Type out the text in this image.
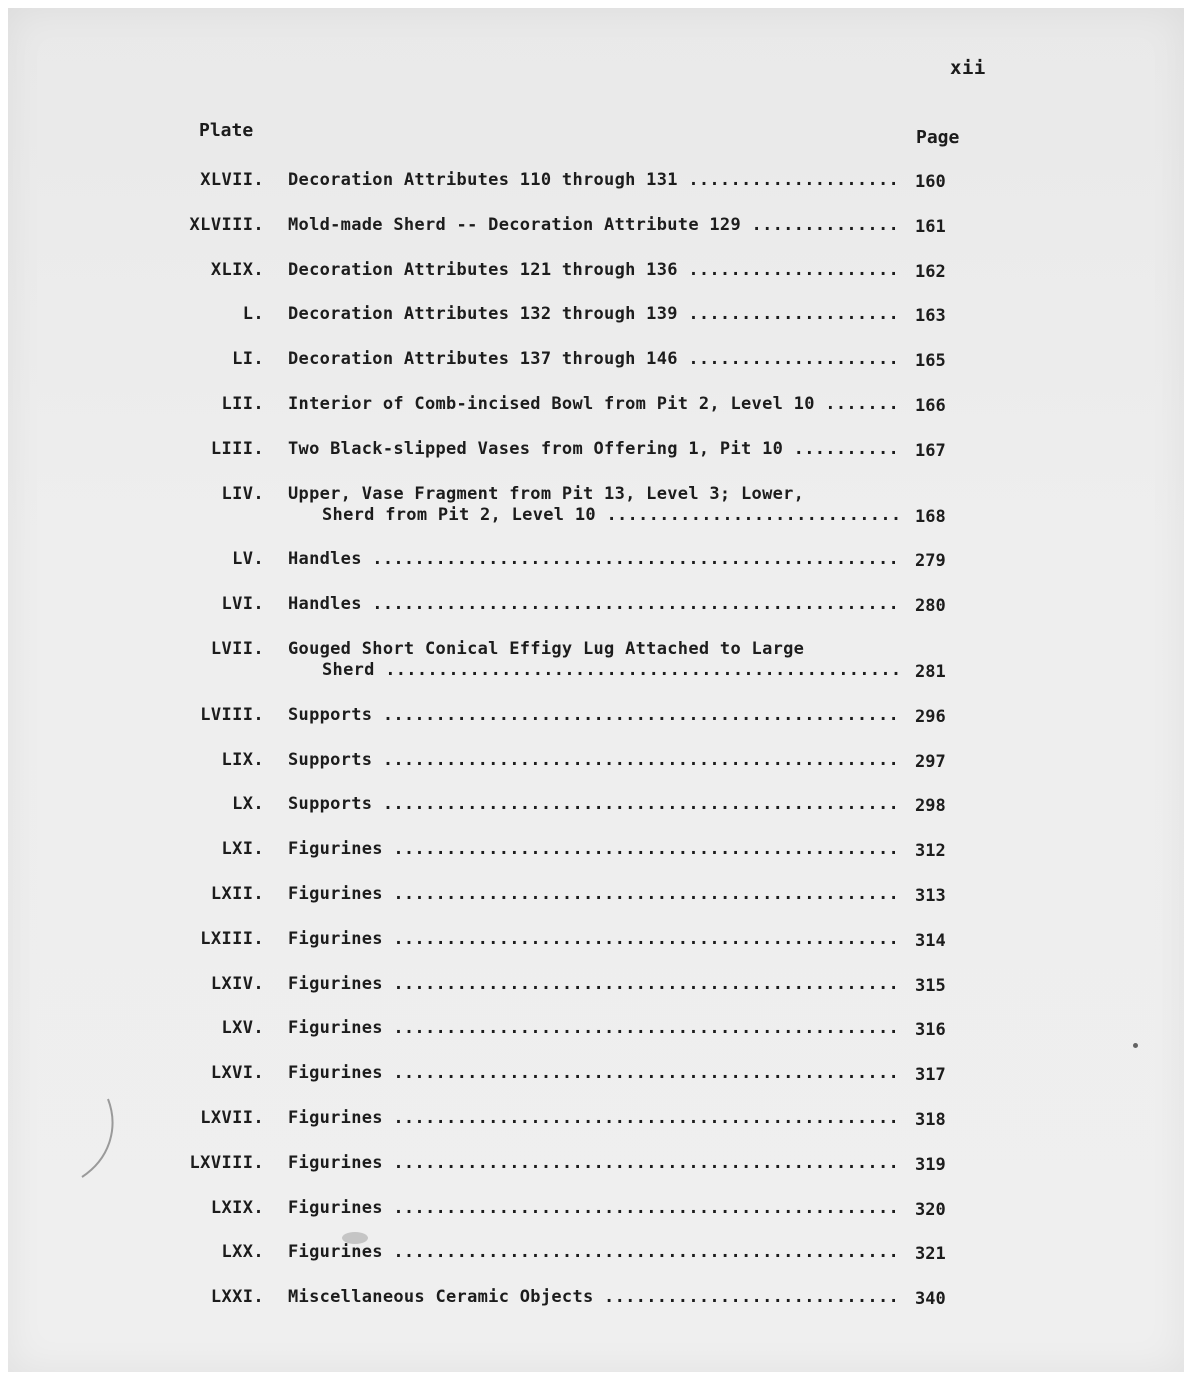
xii
Plate	Page
XLVII. Decoration Attributes 110 through 131 .....	160
XLVIII. Mold-made Sherd -- Decoration Attribute 129 .....	161
XLIX. Decoration Attributes 121 through 136 .....	162
L. Decoration Attributes 132 through 139 .....	163
LI. Decoration Attributes 137 through 146 .....	165
LII. Interior of Comb-incised Bowl from Pit 2, Level 10 .....	166
LIII. Two Black-slipped Vases from Offering 1, Pit 10 .....	167
LIV. Upper, Vase Fragment from Pit 13, Level 3; Lower,
Sherd from Pit 2, Level 10 .....	168
LV. Handles .....	279
LVI. Handles .....	280
LVII. Gouged Short Conical Effigy Lug Attached to Large
Sherd .....	281
LVIII. Supports .....	296
LIX. Supports .....	297
LX. Supports .....	298
LXI. Figurines .....	312
LXII. Figurines .....	313
LXIII. Figurines .....	314
LXIV. Figurines .....	315
LXV. Figurines .....	316
LXVI. Figurines .....	317
LXVII. Figurines .....	318
LXVIII. Figurines .....	319
LXIX. Figurines .....	320
LXX. Figurines .....	321
LXXI. Miscellaneous Ceramic Objects .....	340
